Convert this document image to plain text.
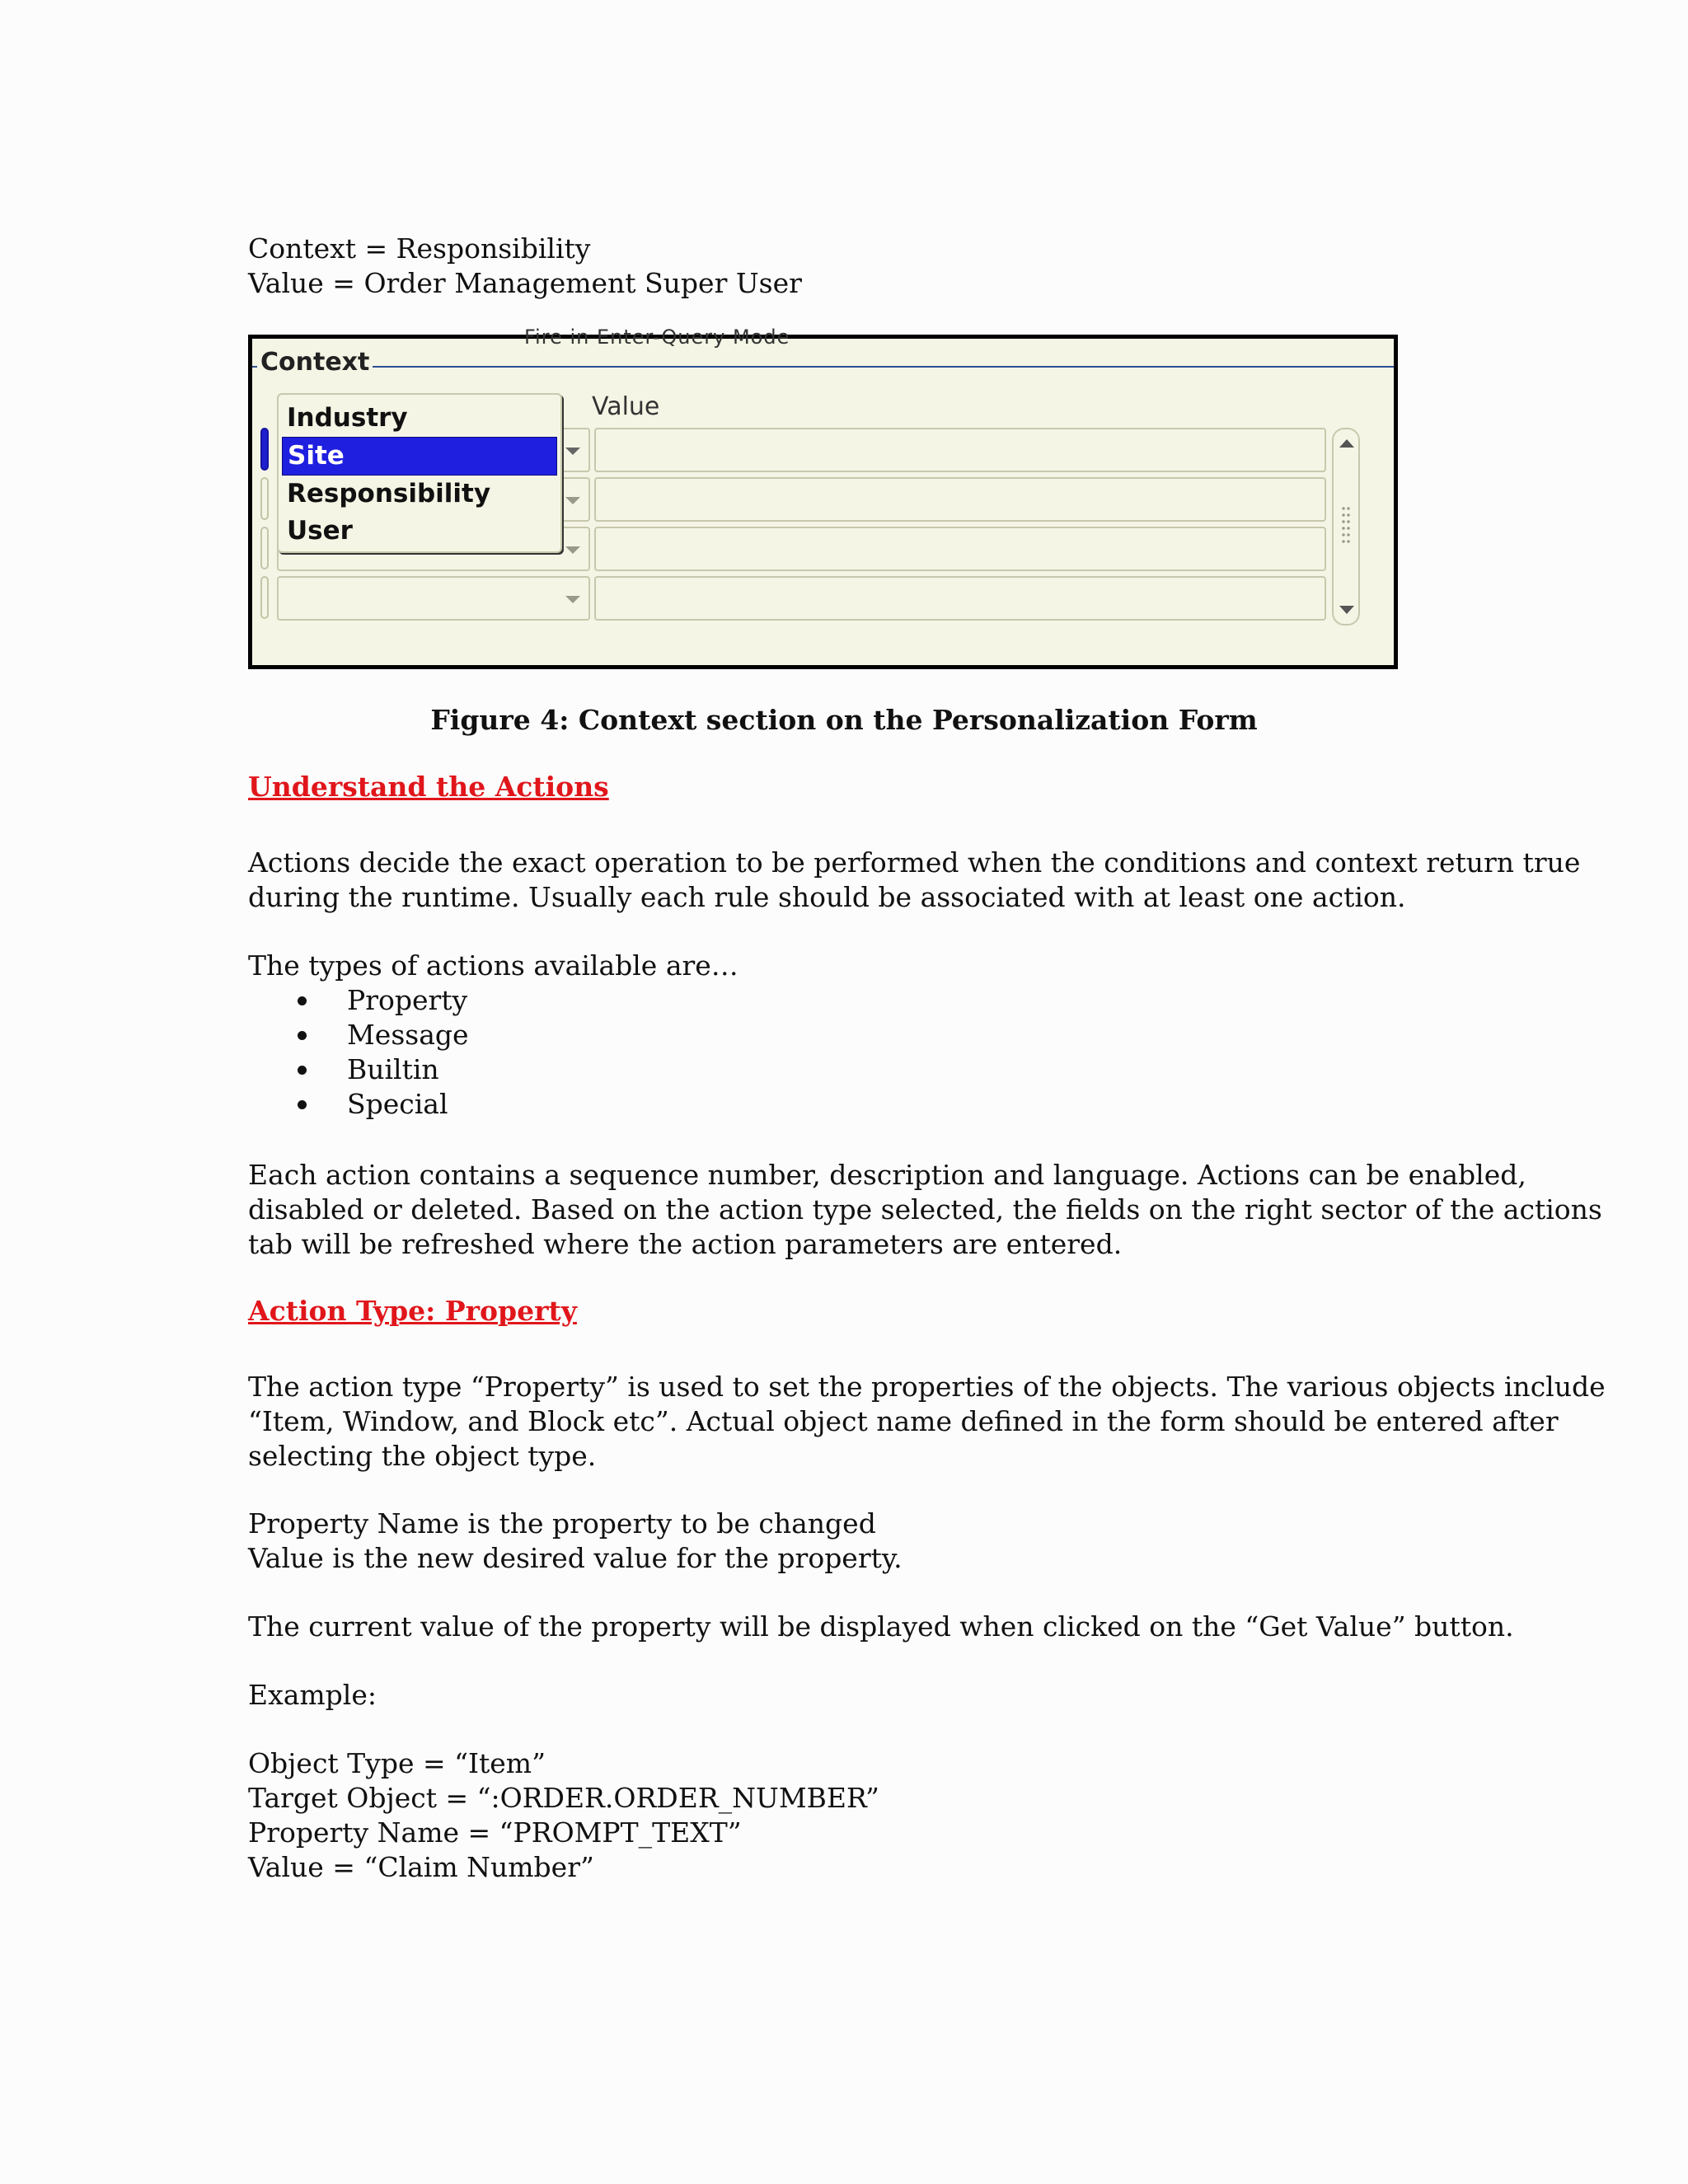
Context = Responsibility

Value = Order Management Super User

Fire in Enter-Query Mode
Context
Value
Industry
Site
Responsibility
User

Figure 4: Context section on the Personalization Form

Understand the Actions

Actions decide the exact operation to be performed when the conditions and context return true

during the runtime. Usually each rule should be associated with at least one action.

The types of actions available are…

Property
Message
Builtin
Special

Each action contains a sequence number, description and language. Actions can be enabled,

disabled or deleted. Based on the action type selected, the fields on the right sector of the actions

tab will be refreshed where the action parameters are entered.

Action Type: Property

The action type “Property” is used to set the properties of the objects. The various objects include

“Item, Window, and Block etc”. Actual object name defined in the form should be entered after

selecting the object type.

Property Name is the property to be changed

Value is the new desired value for the property.

The current value of the property will be displayed when clicked on the “Get Value” button.

Example:

Object Type = “Item”

Target Object = “:ORDER.ORDER_NUMBER”

Property Name = “PROMPT_TEXT”

Value = “Claim Number”
